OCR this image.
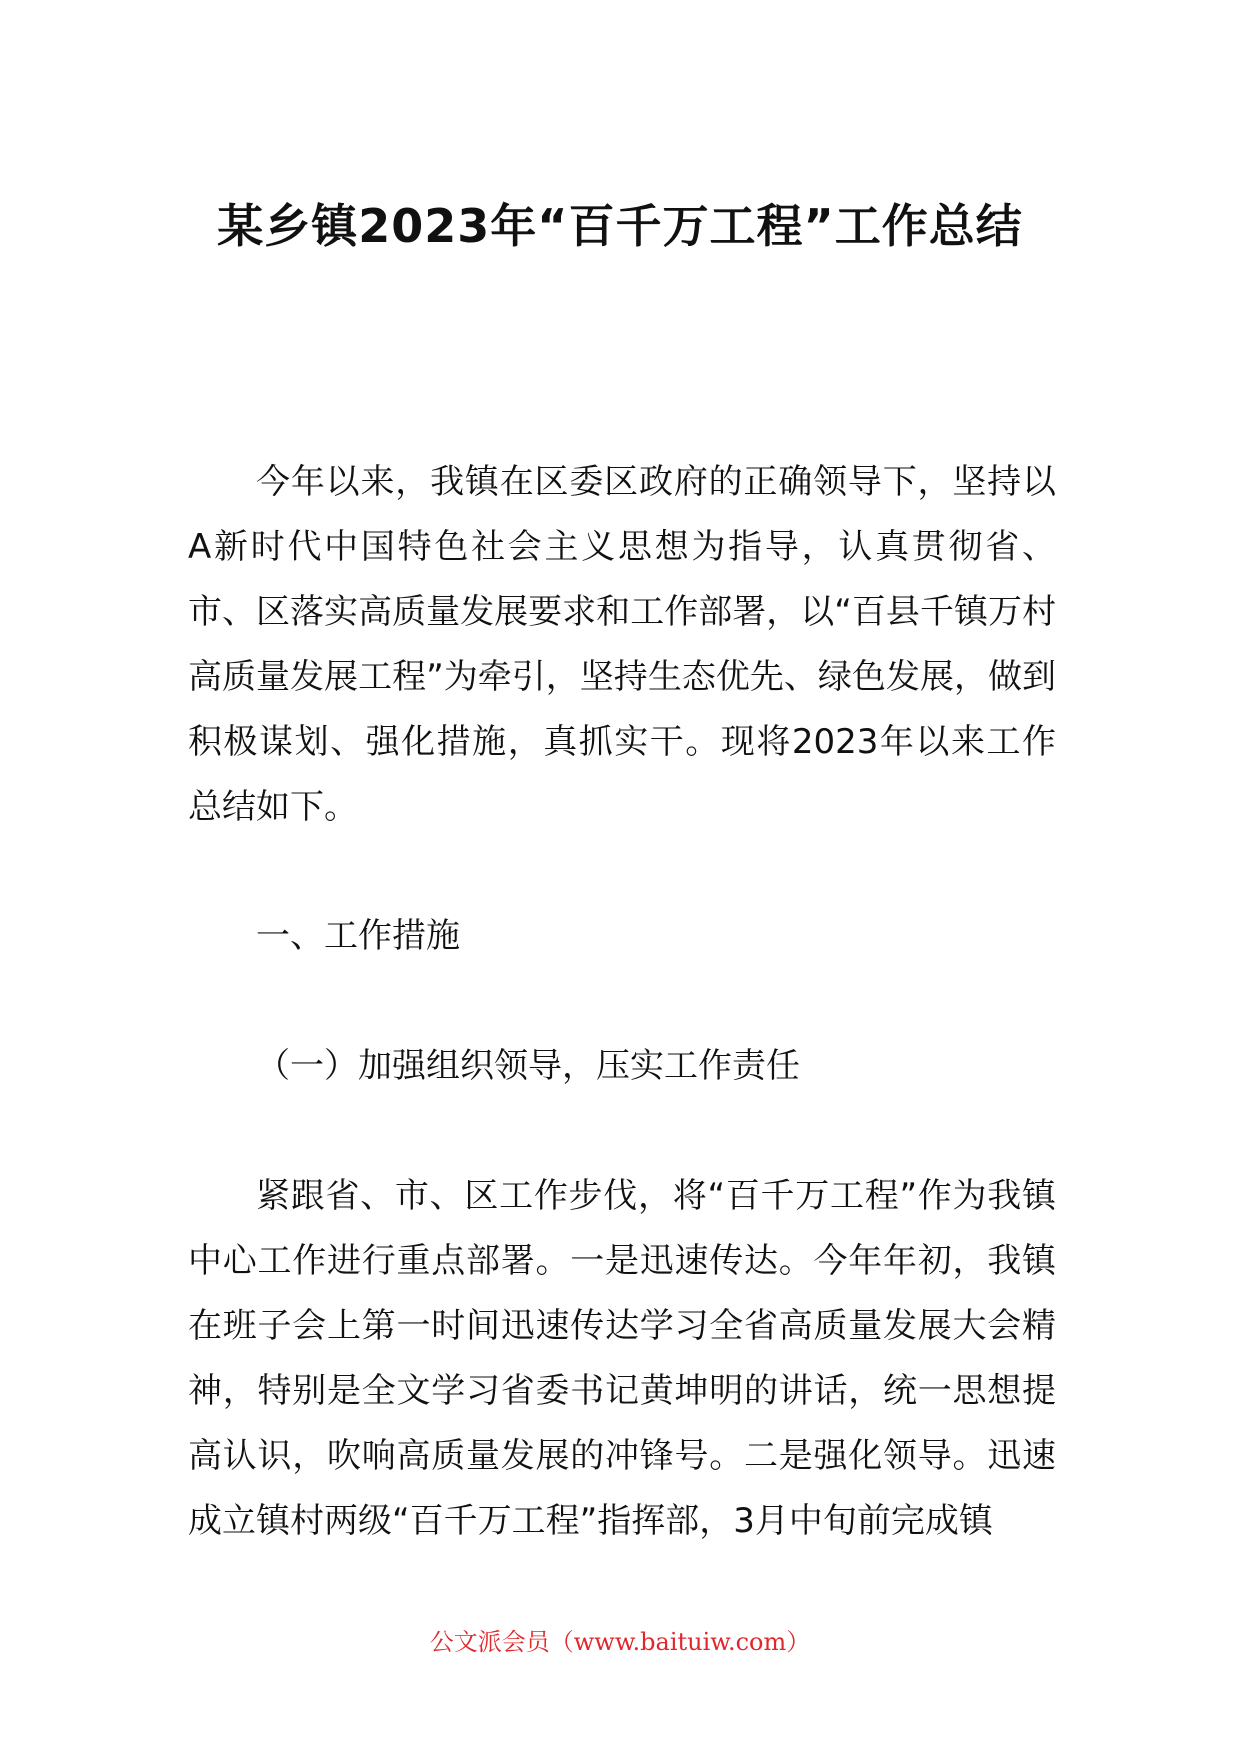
某乡镇2023年“百千万工程”工作总结

今年以来，我镇在区委区政府的正确领导下，坚持以A新时代中国特色社会主义思想为指导，认真贯彻省、市、区落实高质量发展要求和工作部署，以“百县千镇万村高质量发展工程”为牵引，坚持生态优先、绿色发展，做到积极谋划、强化措施，真抓实干。现将2023年以来工作总结如下。

一、工作措施

（一）加强组织领导，压实工作责任

紧跟省、市、区工作步伐，将“百千万工程”作为我镇中心工作进行重点部署。一是迅速传达。今年年初，我镇在班子会上第一时间迅速传达学习全省高质量发展大会精神，特别是全文学习省委书记黄坤明的讲话，统一思想提高认识，吹响高质量发展的冲锋号。二是强化领导。迅速成立镇村两级“百千万工程”指挥部，3月中旬前完成镇

公文派会员（www.baituiw.com）
